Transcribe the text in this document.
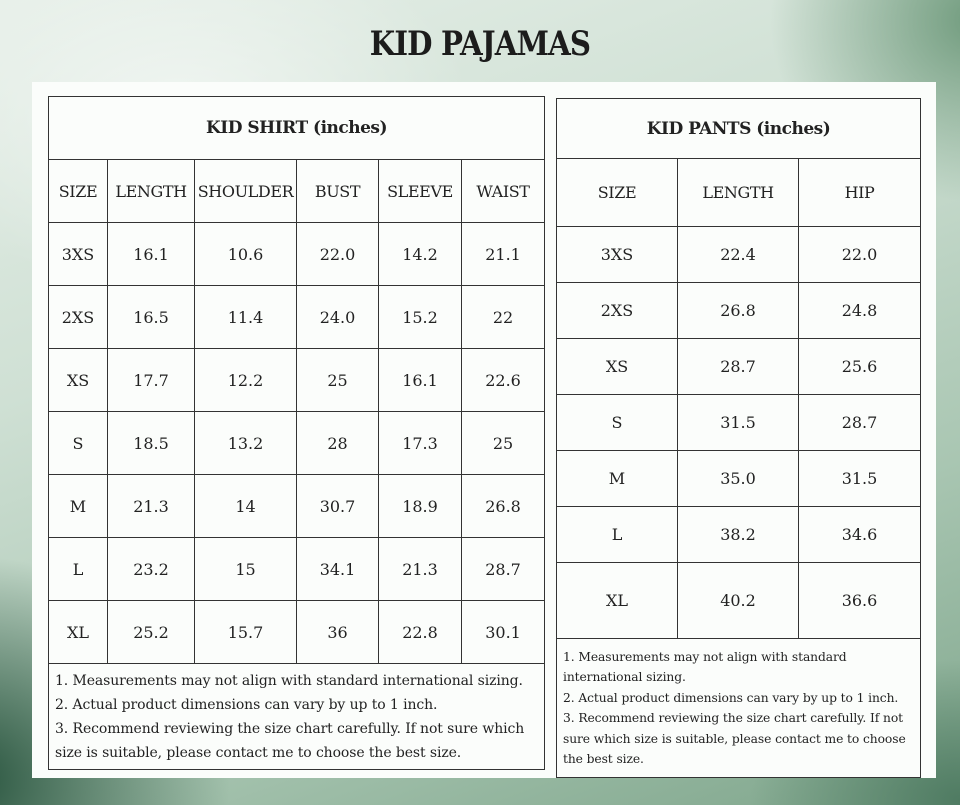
KID PAJAMAS
KID SHIRT (inches)					
SIZE	LENGTH	SHOULDER	BUST	SLEEVE	WAIST
3XS	16.1	10.6	22.0	14.2	21.1
2XS	16.5	11.4	24.0	15.2	22
XS	17.7	12.2	25	16.1	22.6
S	18.5	13.2	28	17.3	25
M	21.3	14	30.7	18.9	26.8
L	23.2	15	34.1	21.3	28.7
XL	25.2	15.7	36	22.8	30.1

1. Measurements may not align with standard international sizing.
2. Actual product dimensions can vary by up to 1 inch.
3. Recommend reviewing the size chart carefully. If not sure which
size is suitable, please contact me to choose the best size.					
KID PANTS (inches)		
SIZE	LENGTH	HIP
3XS	22.4	22.0
2XS	26.8	24.8
XS	28.7	25.6
S	31.5	28.7
M	35.0	31.5
L	38.2	34.6
XL	40.2	36.6

1. Measurements may not align with standard international sizing.
2. Actual product dimensions can vary by up to 1 inch.
3. Recommend reviewing the size chart carefully. If not sure which size is suitable, please contact me to choose the best size.		
